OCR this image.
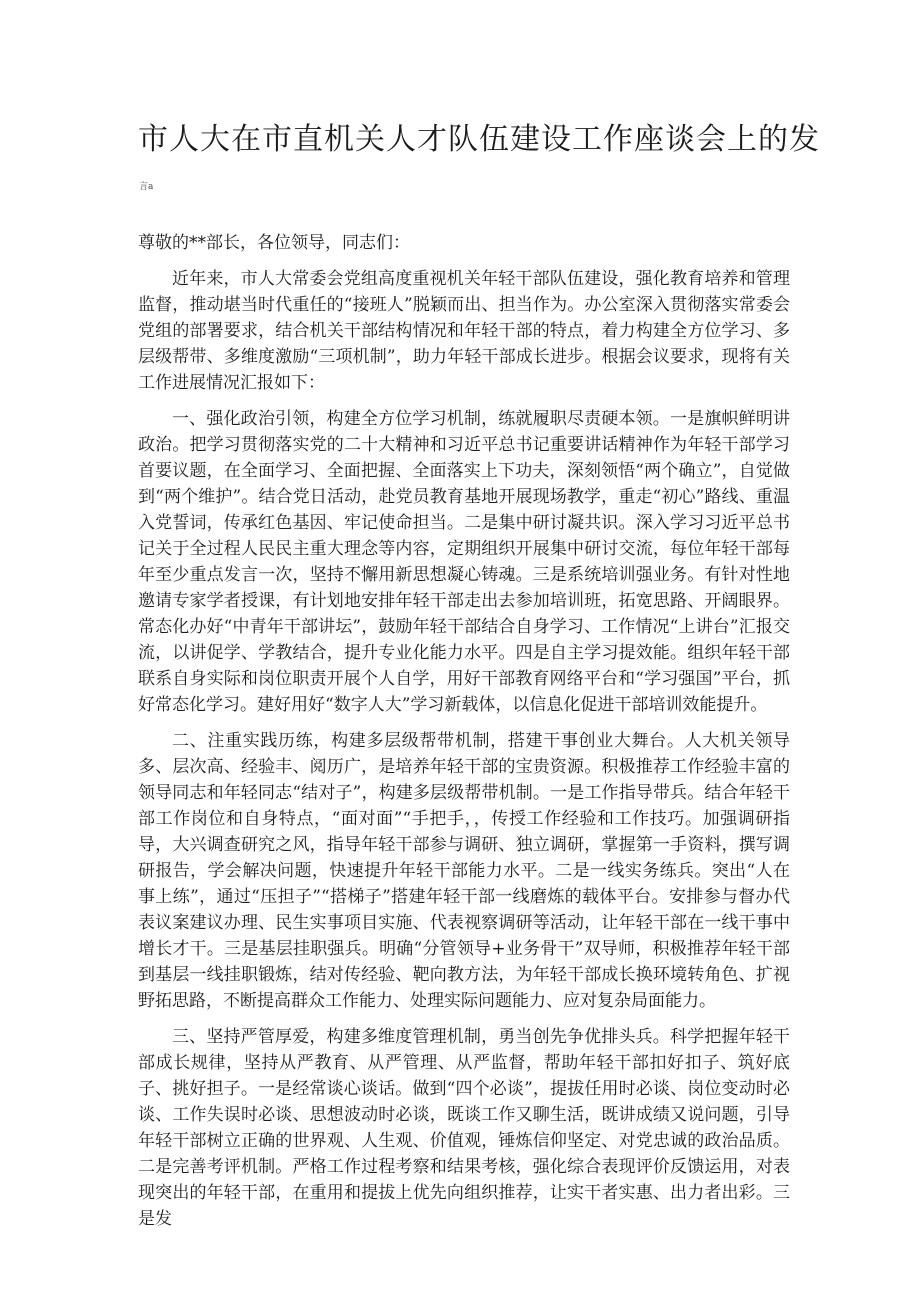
市人大在市直机关人才队伍建设工作座谈会上的发
言a

尊敬的**部长，各位领导，同志们：

近年来，市人大常委会党组高度重视机关年轻干部队伍建设，强化教育培养和管理监督，推动堪当时代重任的“接班人”脱颖而出、担当作为。办公室深入贯彻落实常委会党组的部署要求，结合机关干部结构情况和年轻干部的特点，着力构建全方位学习、多层级帮带、多维度激励“三项机制”，助力年轻干部成长进步。根据会议要求，现将有关工作进展情况汇报如下：

一、强化政治引领，构建全方位学习机制，练就履职尽责硬本领。一是旗帜鲜明讲政治。把学习贯彻落实党的二十大精神和习近平总书记重要讲话精神作为年轻干部学习首要议题，在全面学习、全面把握、全面落实上下功夫，深刻领悟“两个确立”，自觉做到“两个维护”。结合党日活动，赴党员教育基地开展现场教学，重走“初心”路线、重温入党誓词，传承红色基因、牢记使命担当。二是集中研讨凝共识。深入学习习近平总书记关于全过程人民民主重大理念等内容，定期组织开展集中研讨交流，每位年轻干部每年至少重点发言一次，坚持不懈用新思想凝心铸魂。三是系统培训强业务。有针对性地邀请专家学者授课，有计划地安排年轻干部走出去参加培训班，拓宽思路、开阔眼界。常态化办好“中青年干部讲坛”，鼓励年轻干部结合自身学习、工作情况“上讲台”汇报交流，以讲促学、学教结合，提升专业化能力水平。四是自主学习提效能。组织年轻干部联系自身实际和岗位职责开展个人自学，用好干部教育网络平台和“学习强国”平台，抓好常态化学习。建好用好“数字人大”学习新载体，以信息化促进干部培训效能提升。

二、注重实践历练，构建多层级帮带机制，搭建干事创业大舞台。人大机关领导多、层次高、经验丰、阅历广，是培养年轻干部的宝贵资源。积极推荐工作经验丰富的领导同志和年轻同志“结对子”，构建多层级帮带机制。一是工作指导带兵。结合年轻干部工作岗位和自身特点，“面对面”“手把手，，传授工作经验和工作技巧。加强调研指导，大兴调查研究之风，指导年轻干部参与调研、独立调研，掌握第一手资料，撰写调研报告，学会解决问题，快速提升年轻干部能力水平。二是一线实务练兵。突出“人在事上练”，通过“压担子”“搭梯子”搭建年轻干部一线磨炼的载体平台。安排参与督办代表议案建议办理、民生实事项目实施、代表视察调研等活动，让年轻干部在一线干事中增长才干。三是基层挂职强兵。明确“分管领导+业务骨干”双导师，积极推荐年轻干部到基层一线挂职锻炼，结对传经验、靶向教方法，为年轻干部成长换环境转角色、扩视野拓思路，不断提高群众工作能力、处理实际问题能力、应对复杂局面能力。

三、坚持严管厚爱，构建多维度管理机制，勇当创先争优排头兵。科学把握年轻干部成长规律，坚持从严教育、从严管理、从严监督，帮助年轻干部扣好扣子、筑好底子、挑好担子。一是经常谈心谈话。做到“四个必谈”，提拔任用时必谈、岗位变动时必谈、工作失误时必谈、思想波动时必谈，既谈工作又聊生活，既讲成绩又说问题，引导年轻干部树立正确的世界观、人生观、价值观，锤炼信仰坚定、对党忠诚的政治品质。二是完善考评机制。严格工作过程考察和结果考核，强化综合表现评价反馈运用，对表现突出的年轻干部，在重用和提拔上优先向组织推荐，让实干者实惠、出力者出彩。三是发
